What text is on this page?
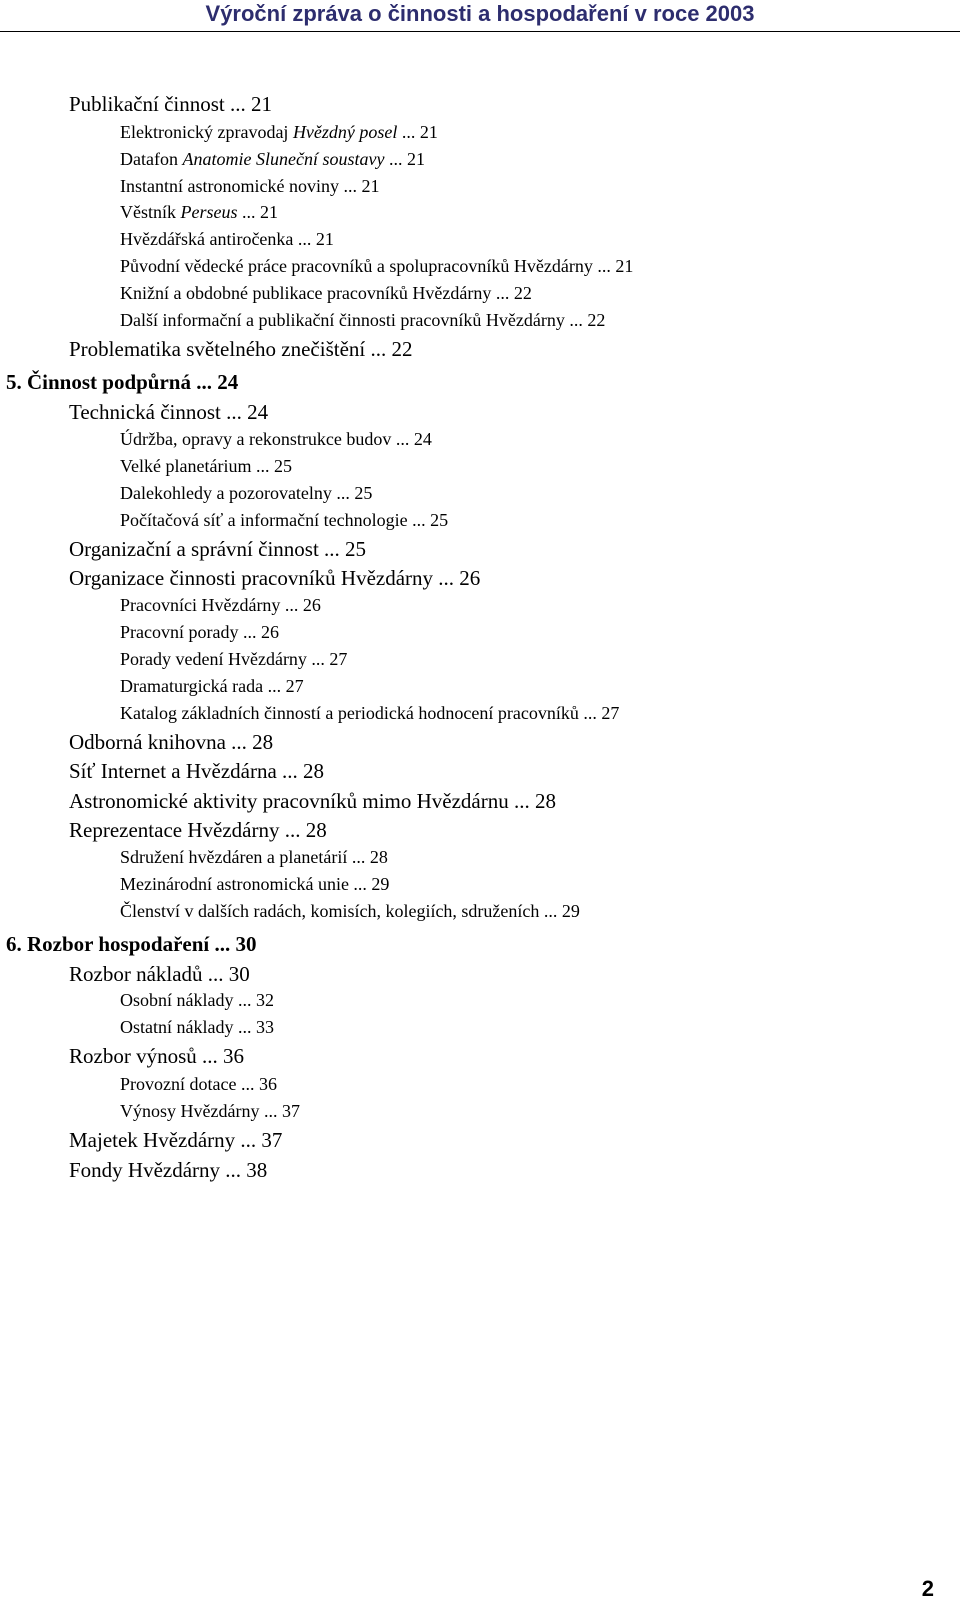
Výroční zpráva o činnosti a hospodaření v roce 2003
Publikační činnost ... 21
Elektronický zpravodaj Hvězdný posel ... 21
Datafon Anatomie Sluneční soustavy ... 21
Instantní astronomické noviny ... 21
Věstník Perseus ... 21
Hvězdářská antiročenka ... 21
Původní vědecké práce pracovníků a spolupracovníků Hvězdárny ... 21
Knižní a obdobné publikace pracovníků Hvězdárny ... 22
Další informační a publikační činnosti pracovníků Hvězdárny ... 22
Problematika světelného znečištění ... 22
5. Činnost podpůrná ... 24
Technická činnost ... 24
Údržba, opravy a rekonstrukce budov ... 24
Velké planetárium ... 25
Dalekohledy a pozorovatelny ... 25
Počítačová síť a informační technologie ... 25
Organizační a správní činnost ... 25
Organizace činnosti pracovníků Hvězdárny ... 26
Pracovníci Hvězdárny ... 26
Pracovní porady ... 26
Porady vedení Hvězdárny ... 27
Dramaturgická rada ... 27
Katalog základních činností a periodická hodnocení pracovníků ... 27
Odborná knihovna ... 28
Síť Internet a Hvězdárna ... 28
Astronomické aktivity pracovníků mimo Hvězdárnu ... 28
Reprezentace Hvězdárny ... 28
Sdružení hvězdáren a planetárií ... 28
Mezinárodní astronomická unie ... 29
Členství v dalších radách, komisích, kolegiích, sdruženích ... 29
6. Rozbor hospodaření ... 30
Rozbor nákladů ... 30
Osobní náklady ... 32
Ostatní náklady ... 33
Rozbor výnosů ... 36
Provozní dotace ... 36
Výnosy Hvězdárny ... 37
Majetek Hvězdárny ... 37
Fondy Hvězdárny ... 38
2
